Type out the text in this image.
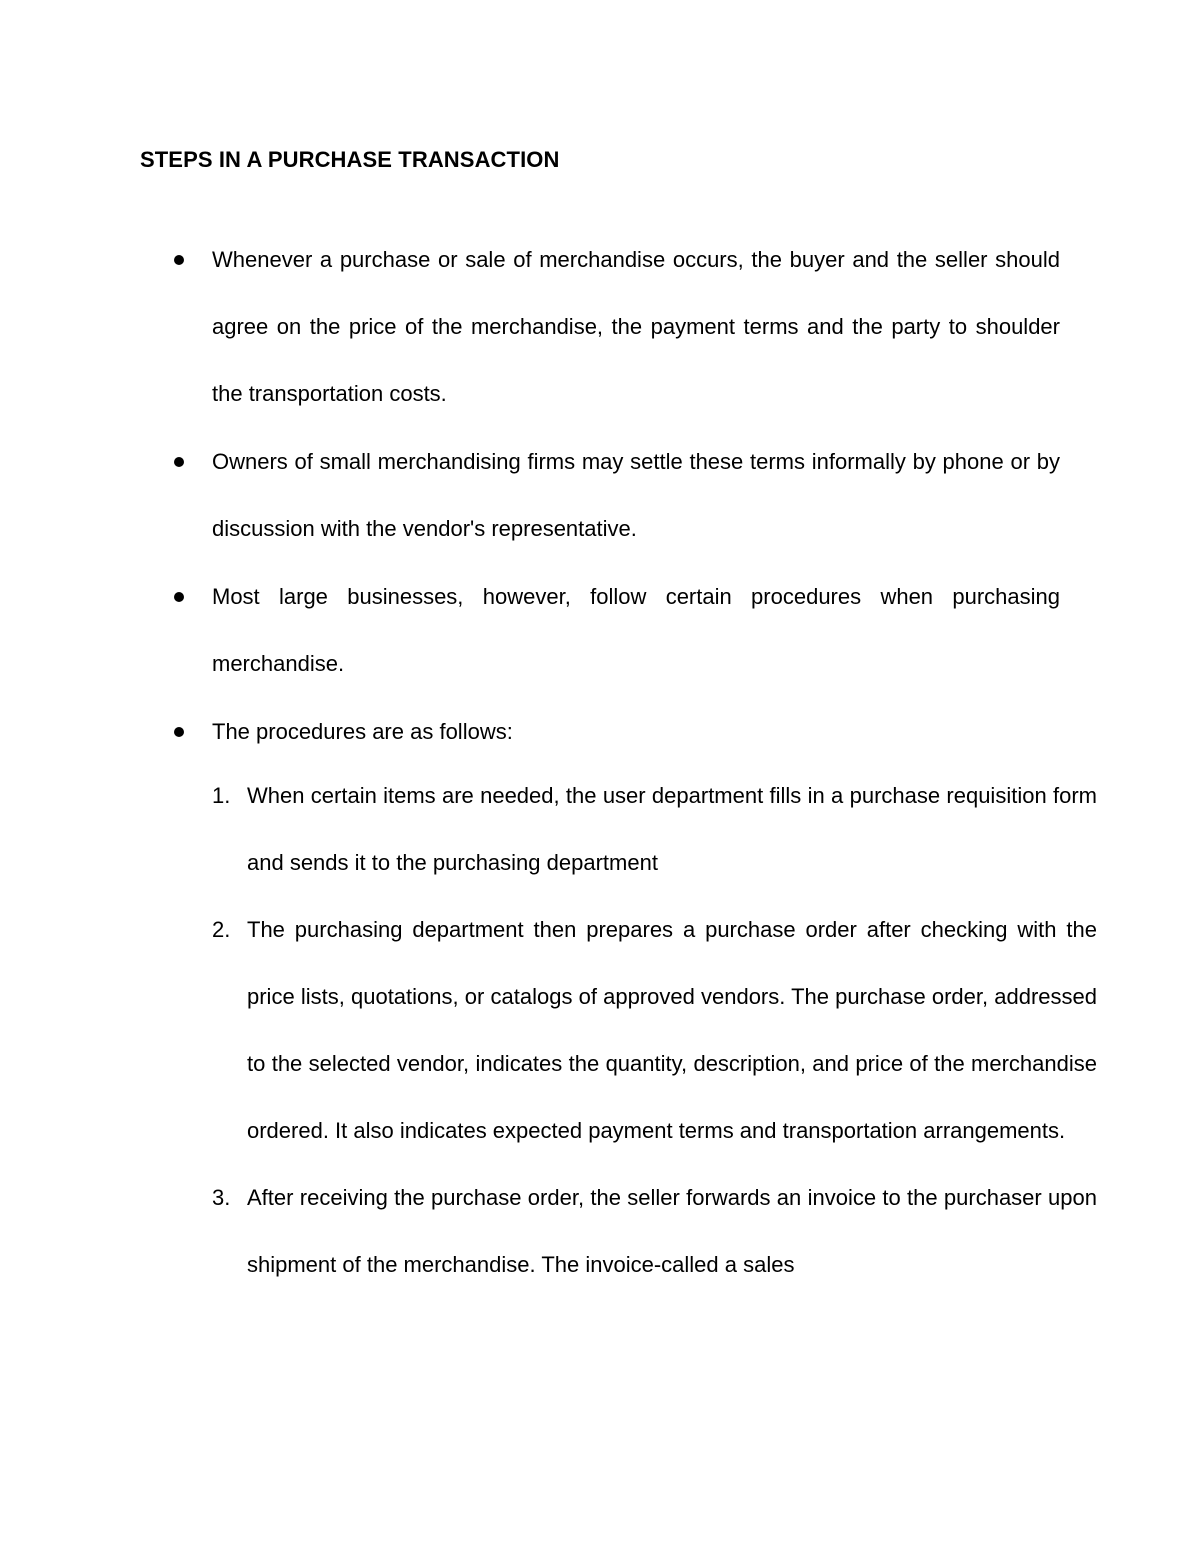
STEPS IN A PURCHASE TRANSACTION
Whenever a purchase or sale of merchandise occurs, the buyer and the seller should agree on the price of the merchandise, the payment terms and the party to shoulder the transportation costs.
Owners of small merchandising firms may settle these terms informally by phone or by discussion with the vendor's representative.
Most large businesses, however, follow certain procedures when purchasing merchandise.
The procedures are as follows:
1. When certain items are needed, the user department fills in a purchase requisition form and sends it to the purchasing department
2. The purchasing department then prepares a purchase order after checking with the price lists, quotations, or catalogs of approved vendors. The purchase order, addressed to the selected vendor, indicates the quantity, description, and price of the merchandise ordered. It also indicates expected payment terms and transportation arrangements.
3. After receiving the purchase order, the seller forwards an invoice to the purchaser upon shipment of the merchandise. The invoice-called a sales
